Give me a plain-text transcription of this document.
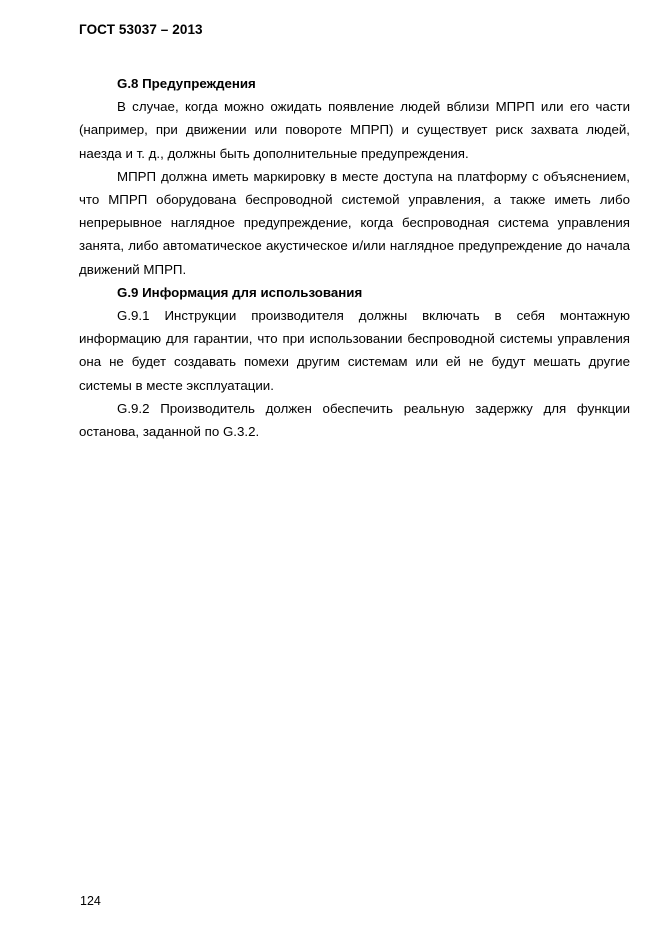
ГОСТ 53037 – 2013

G.8 Предупреждения

В случае, когда можно ожидать появление людей вблизи МПРП или его части (например, при движении или повороте МПРП) и существует риск захвата людей, наезда и т. д., должны быть дополнительные предупреждения.

МПРП должна иметь маркировку в месте доступа на платформу с объяснением, что МПРП оборудована беспроводной системой управления, а также иметь либо непрерывное наглядное предупреждение, когда беспроводная система управления занята, либо автоматическое акустическое и/или наглядное предупреждение до начала движений МПРП.

G.9 Информация для использования

G.9.1 Инструкции производителя должны включать в себя монтажную информацию для гарантии, что при использовании беспроводной системы управления она не будет создавать помехи другим системам или ей не будут мешать другие системы в месте эксплуатации.

G.9.2 Производитель должен обеспечить реальную задержку для функции останова, заданной по G.3.2.

124
